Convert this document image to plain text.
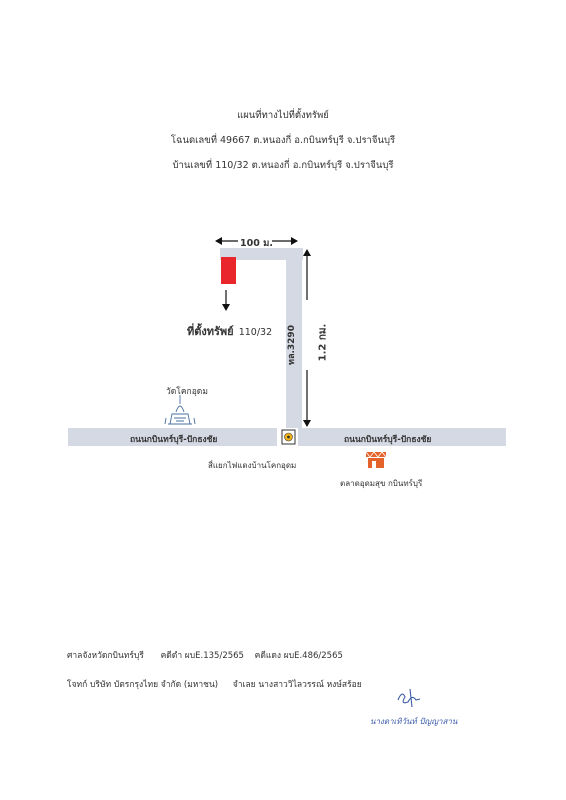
แผนที่ทางไปที่ตั้งทรัพย์
โฉนดเลขที่ 49667 ต.หนองกี่ อ.กบินทร์บุรี จ.ปราจีนบุรี
บ้านเลขที่ 110/32 ต.หนองกี่ อ.กบินทร์บุรี จ.ปราจีนบุรี
100 ม.
1.2 กม.
ทล.3290
ที่ตั้งทรัพย์ 110/32
วัดโคกอุดม
ถนนกบินทร์บุรี-ปักธงชัย	ถนนกบินทร์บุรี-ปักธงชัย
สี่แยกไฟแดงบ้านโคกอุดม
ตลาดอุดมสุข กบินทร์บุรี
ศาลจังหวัดกบินทร์บุรี คดีดำ ผบE.135/2565 คดีแดง ผบE.486/2565
โจทก์ บริษัท บัตรกรุงไทย จำกัด (มหาชน) จำเลย นางสาววิไลวรรณ์ หงษ์สร้อย
นางดาเทิวันท์ ปัญญาสาน
